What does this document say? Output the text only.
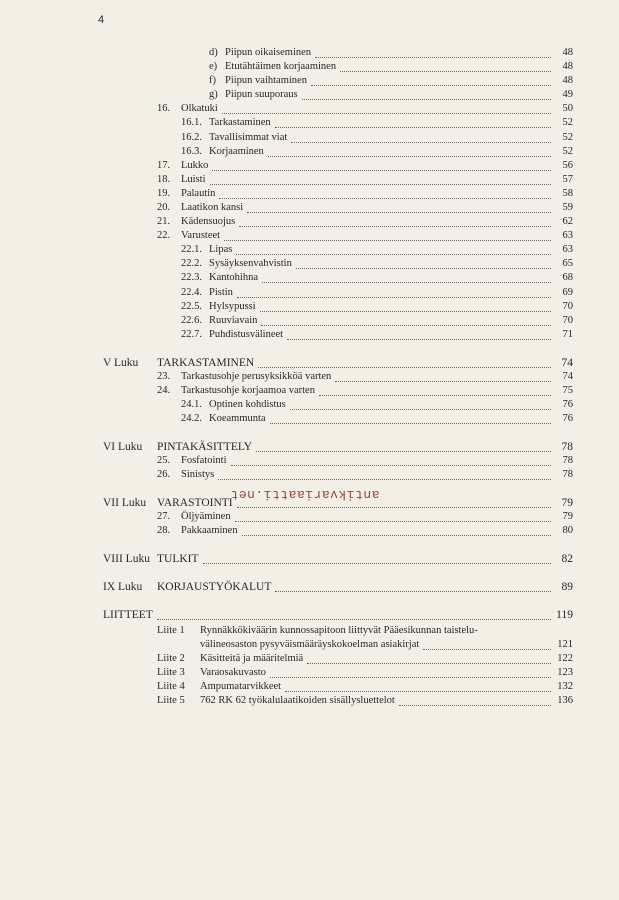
4
d) Piipun oikaiseminen	48
e) Etutähtäimen korjaaminen	48
f) Piipun vaihtaminen	48
g) Piipun suuporaus	49
16. Olkatuki	50
16.1. Tarkastaminen	52
16.2. Tavallisimmat viat	52
16.3. Korjaaminen	52
17. Lukko	56
18. Luisti	57
19. Palautin	58
20. Laatikon kansi	59
21. Kädensuojus	62
22. Varusteet	63
22.1. Lipas	63
22.2. Sysäyksenvahvistin	65
22.3. Kantohihna	68
22.4. Pistin	69
22.5. Hylsypussi	70
22.6. Ruuviavain	70
22.7. Puhdistusvälineet	71
V Luku TARKASTAMINEN	74
23. Tarkastusohje perusyksikköä varten	74
24. Tarkastusohje korjaamoa varten	75
24.1. Optinen kohdistus	76
24.2. Koeammunta	76
VI Luku PINTAKÄSITTELY	78
25. Fosfatointi	78
26. Sinistys	78
VII Luku VARASTOINTI	79
27. Öljyäminen	79
28. Pakkaaminen	80
VIII Luku TULKIT	82
IX Luku KORJAUSTYÖKALUT	89
LIITTEET	119
Liite 1 Rynnäkkökiväärin kunnossapitoon liittyvät Pääesikunnan taistelu-
välineosaston pysyväismääräyskokoelman asiakirjat	121
Liite 2 Käsitteitä ja määritelmiä	122
Liite 3 Varaosakuvasto	123
Liite 4 Ampumatarvikkeet	132
Liite 5 762 RK 62 työkalulaatikoiden sisällysluettelot	136
antikvariaatti.net
